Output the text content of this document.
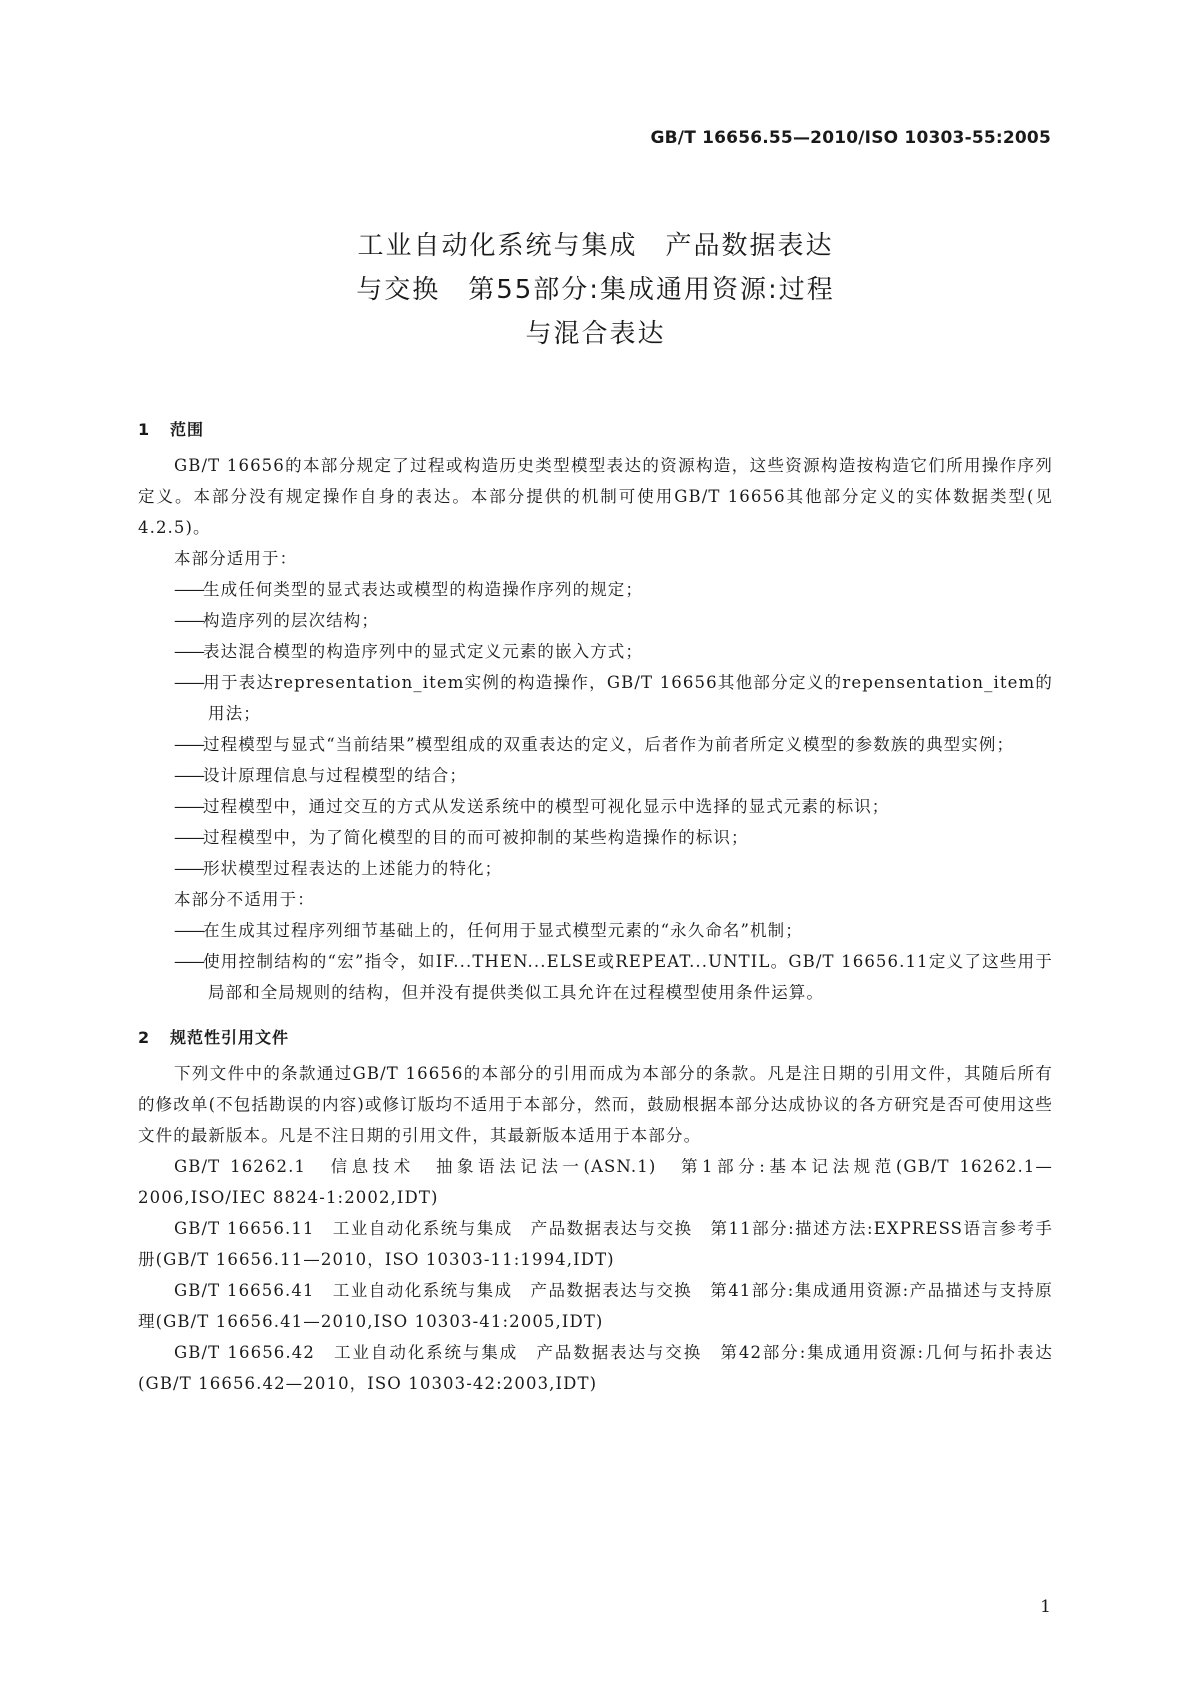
GB/T 16656.55—2010/ISO 10303-55:2005
工业自动化系统与集成　产品数据表达
与交换　第55部分:集成通用资源:过程
与混合表达
1 范围

GB/T 16656的本部分规定了过程或构造历史类型模型表达的资源构造，这些资源构造按构造它们所用操作序列定义。本部分没有规定操作自身的表达。本部分提供的机制可使用GB/T 16656其他部分定义的实体数据类型(见4.2.5)。

本部分适用于：

——生成任何类型的显式表达或模型的构造操作序列的规定；

——构造序列的层次结构；

——表达混合模型的构造序列中的显式定义元素的嵌入方式；

——用于表达representation_item实例的构造操作，GB/T 16656其他部分定义的repensentation_item的用法；

——过程模型与显式“当前结果”模型组成的双重表达的定义，后者作为前者所定义模型的参数族的典型实例；

——设计原理信息与过程模型的结合；

——过程模型中，通过交互的方式从发送系统中的模型可视化显示中选择的显式元素的标识；

——过程模型中，为了简化模型的目的而可被抑制的某些构造操作的标识；

——形状模型过程表达的上述能力的特化；

本部分不适用于：

——在生成其过程序列细节基础上的，任何用于显式模型元素的“永久命名”机制；

——使用控制结构的“宏”指令，如IF...THEN...ELSE或REPEAT...UNTIL。GB/T 16656.11定义了这些用于局部和全局规则的结构，但并没有提供类似工具允许在过程模型使用条件运算。

2 规范性引用文件

下列文件中的条款通过GB/T 16656的本部分的引用而成为本部分的条款。凡是注日期的引用文件，其随后所有的修改单(不包括勘误的内容)或修订版均不适用于本部分，然而，鼓励根据本部分达成协议的各方研究是否可使用这些文件的最新版本。凡是不注日期的引用文件，其最新版本适用于本部分。

GB/T 16262.1　信息技术　抽象语法记法一(ASN.1)　第1部分:基本记法规范(GB/T 16262.1—2006,ISO/IEC 8824-1:2002,IDT)

GB/T 16656.11　工业自动化系统与集成　产品数据表达与交换　第11部分:描述方法:EXPRESS语言参考手册(GB/T 16656.11—2010，ISO 10303-11:1994,IDT)

GB/T 16656.41　工业自动化系统与集成　产品数据表达与交换　第41部分:集成通用资源:产品描述与支持原理(GB/T 16656.41—2010,ISO 10303-41:2005,IDT)

GB/T 16656.42　工业自动化系统与集成　产品数据表达与交换　第42部分:集成通用资源:几何与拓扑表达(GB/T 16656.42—2010，ISO 10303-42:2003,IDT)

1
